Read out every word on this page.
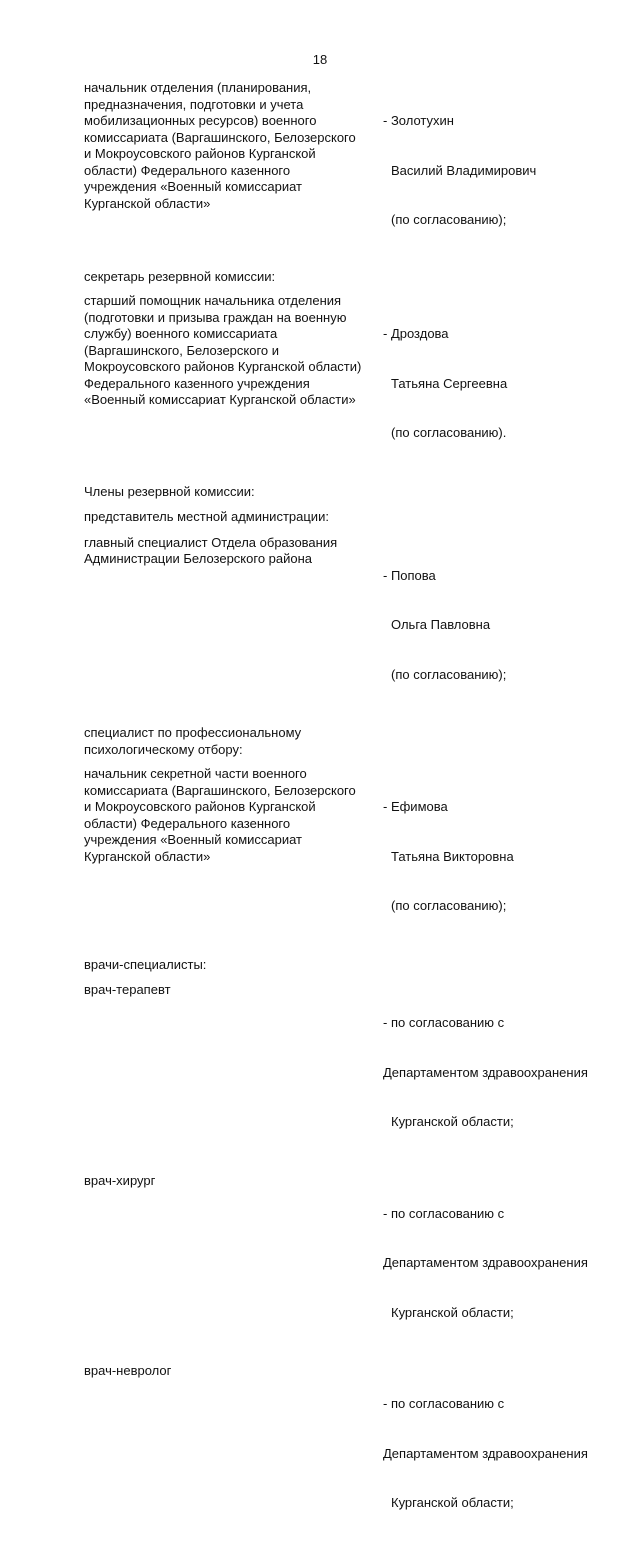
18
начальник отделения (планирования,
предназначения, подготовки и учета
мобилизационных ресурсов) военного
комиссариата (Варгашинского, Белозерского
и Мокроусовского районов Курганской
области) Федерального казенного
учреждения «Военный комиссариат
Курганской области»

- Золотухин

Василий Владимирович

(по согласованию);

секретарь резервной комиссии:
старший помощник начальника отделения
(подготовки и призыва граждан на военную
службу) военного комиссариата
(Варгашинского, Белозерского и
Мокроусовского районов Курганской области)
Федерального казенного учреждения
«Военный комиссариат Курганской области»

- Дроздова

Татьяна Сергеевна

(по согласованию).

Члены резервной комиссии:
представитель местной администрации:
главный специалист Отдела образования
Администрации Белозерского района

- Попова

Ольга Павловна

(по согласованию);

специалист по профессиональному
психологическому отбору:
начальник секретной части военного
комиссариата (Варгашинского, Белозерского
и Мокроусовского районов Курганской
области) Федерального казенного
учреждения «Военный комиссариат
Курганской области»

- Ефимова

Татьяна Викторовна

(по согласованию);

врачи-специалисты:
врач-терапевт

- по согласованию с

Департаментом здравоохранения

Курганской области;

врач-хирург

- по согласованию с

Департаментом здравоохранения

Курганской области;

врач-невролог

- по согласованию с

Департаментом здравоохранения

Курганской области;
